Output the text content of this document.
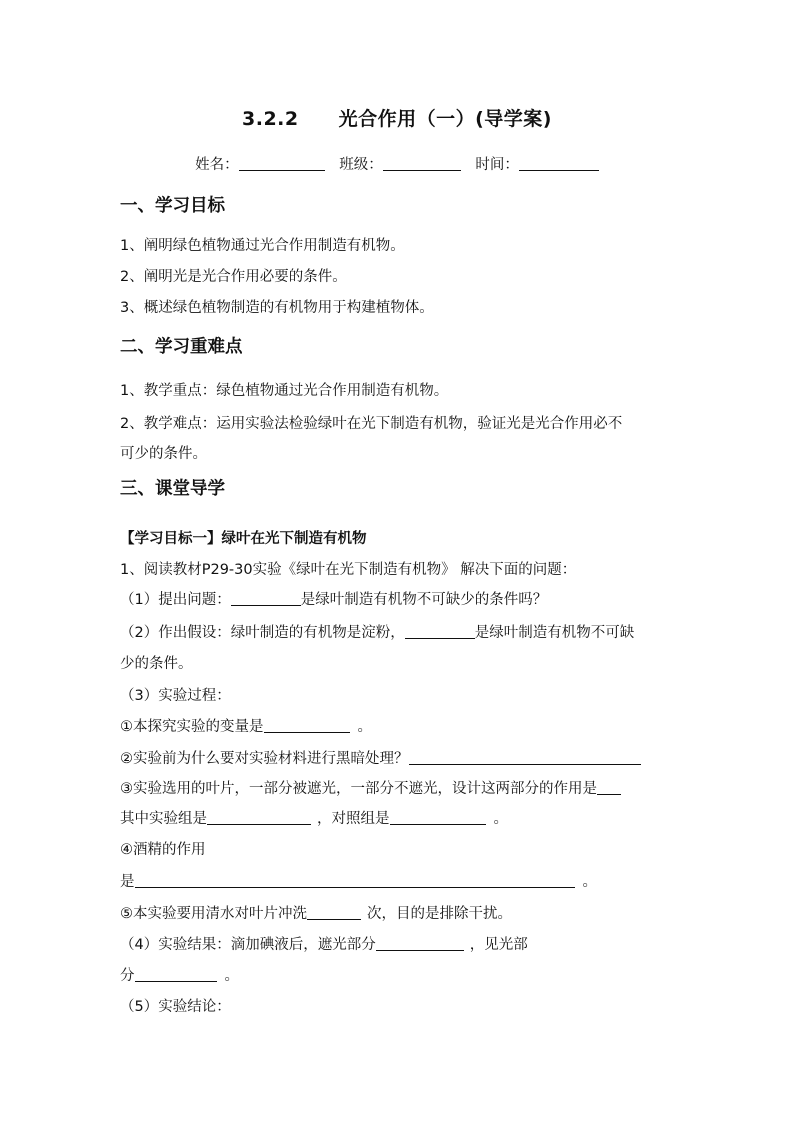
3.2.2 光合作用（一）(导学案)
姓名：	班级：	时间：
一、学习目标
1、阐明绿色植物通过光合作用制造有机物。
2、阐明光是光合作用必要的条件。
3、概述绿色植物制造的有机物用于构建植物体。
二、学习重难点
1、教学重点：绿色植物通过光合作用制造有机物。
2、教学难点：运用实验法检验绿叶在光下制造有机物，验证光是光合作用必不
可少的条件。
三、课堂导学
【学习目标一】绿叶在光下制造有机物
1、阅读教材P29-30实验《绿叶在光下制造有机物》 解决下面的问题：
（1）提出问题：	是绿叶制造有机物不可缺少的条件吗？
（2）作出假设：绿叶制造的有机物是淀粉，	是绿叶制造有机物不可缺
少的条件。
（3）实验过程：
①本探究实验的变量是	。
②实验前为什么要对实验材料进行黑暗处理？
③实验选用的叶片，一部分被遮光，一部分不遮光，设计这两部分的作用是
其中实验组是	，对照组是	。
④酒精的作用
是	。
⑤本实验要用清水对叶片冲洗	次，目的是排除干扰。
（4）实验结果：滴加碘液后，遮光部分	，见光部
分	。
（5）实验结论：
